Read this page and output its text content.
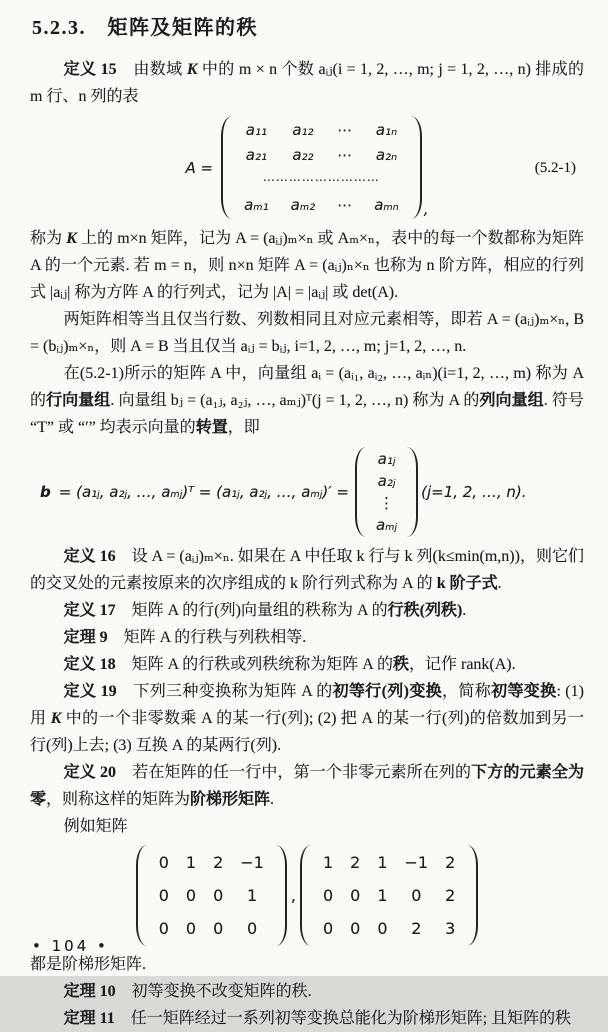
5.2.3.　矩阵及矩阵的秩

定义 15　由数域 K 中的 m × n 个数 aᵢⱼ(i = 1, 2, …, m; j = 1, 2, …, n) 排成的 m 行、n 列的表

A =
a₁₁ a₁₂ ⋯ a₁ₙ
a₂₁ a₂₂ ⋯ a₂ₙ
⋯⋯⋯⋯⋯⋯⋯⋯⋯
aₘ₁ aₘ₂ ⋯ aₘₙ ,
(5.2-1)

称为 K 上的 m×n 矩阵，记为 A = (aᵢⱼ)ₘ×ₙ 或 Aₘ×ₙ，表中的每一个数都称为矩阵 A 的一个元素. 若 m = n，则 n×n 矩阵 A = (aᵢⱼ)ₙ×ₙ 也称为 n 阶方阵，相应的行列式 |aᵢⱼ| 称为方阵 A 的行列式，记为 |A| = |aᵢⱼ| 或 det(A).

两矩阵相等当且仅当行数、列数相同且对应元素相等，即若 A = (aᵢⱼ)ₘ×ₙ, B = (bᵢⱼ)ₘ×ₙ，则 A = B 当且仅当 aᵢⱼ = bᵢⱼ, i=1, 2, …, m; j=1, 2, …, n.

在(5.2-1)所示的矩阵 A 中，向量组 aᵢ = (aᵢ₁, aᵢ₂, …, aᵢₙ)(i=1, 2, …, m) 称为 A 的行向量组. 向量组 bⱼ = (a₁ⱼ, a₂ⱼ, …, aₘⱼ)ᵀ(j = 1, 2, …, n) 称为 A 的列向量组. 符号 “T” 或 “′” 均表示向量的转置，即

b = (a₁ⱼ, a₂ⱼ, …, aₘⱼ)ᵀ = (a₁ⱼ, a₂ⱼ, …, aₘⱼ)′ =
a₁ⱼ
a₂ⱼ
⋮
aₘⱼ
(j=1, 2, …, n).

定义 16　设 A = (aᵢⱼ)ₘ×ₙ. 如果在 A 中任取 k 行与 k 列(k≤min(m,n))，则它们的交叉处的元素按原来的次序组成的 k 阶行列式称为 A 的 k 阶子式.

定义 17　矩阵 A 的行(列)向量组的秩称为 A 的行秩(列秩).

定理 9　矩阵 A 的行秩与列秩相等.

定义 18　矩阵 A 的行秩或列秩统称为矩阵 A 的秩，记作 rank(A).

定义 19　下列三种变换称为矩阵 A 的初等行(列)变换，简称初等变换: (1) 用 K 中的一个非零数乘 A 的某一行(列); (2) 把 A 的某一行(列)的倍数加到另一行(列)上去; (3) 互换 A 的某两行(列).

定义 20　若在矩阵的任一行中，第一个非零元素所在列的下方的元素全为零，则称这样的矩阵为阶梯形矩阵.

例如矩阵

0 1 2 −1
0 0 0	1
0 0 0	0
,
1 2 1 −1 2
0 0 1	0	2
0 0 0	2	3

都是阶梯形矩阵.

定理 10　初等变换不改变矩阵的秩.

定理 11　任一矩阵经过一系列初等变换总能化为阶梯形矩阵; 且矩阵的秩

• 104 •
